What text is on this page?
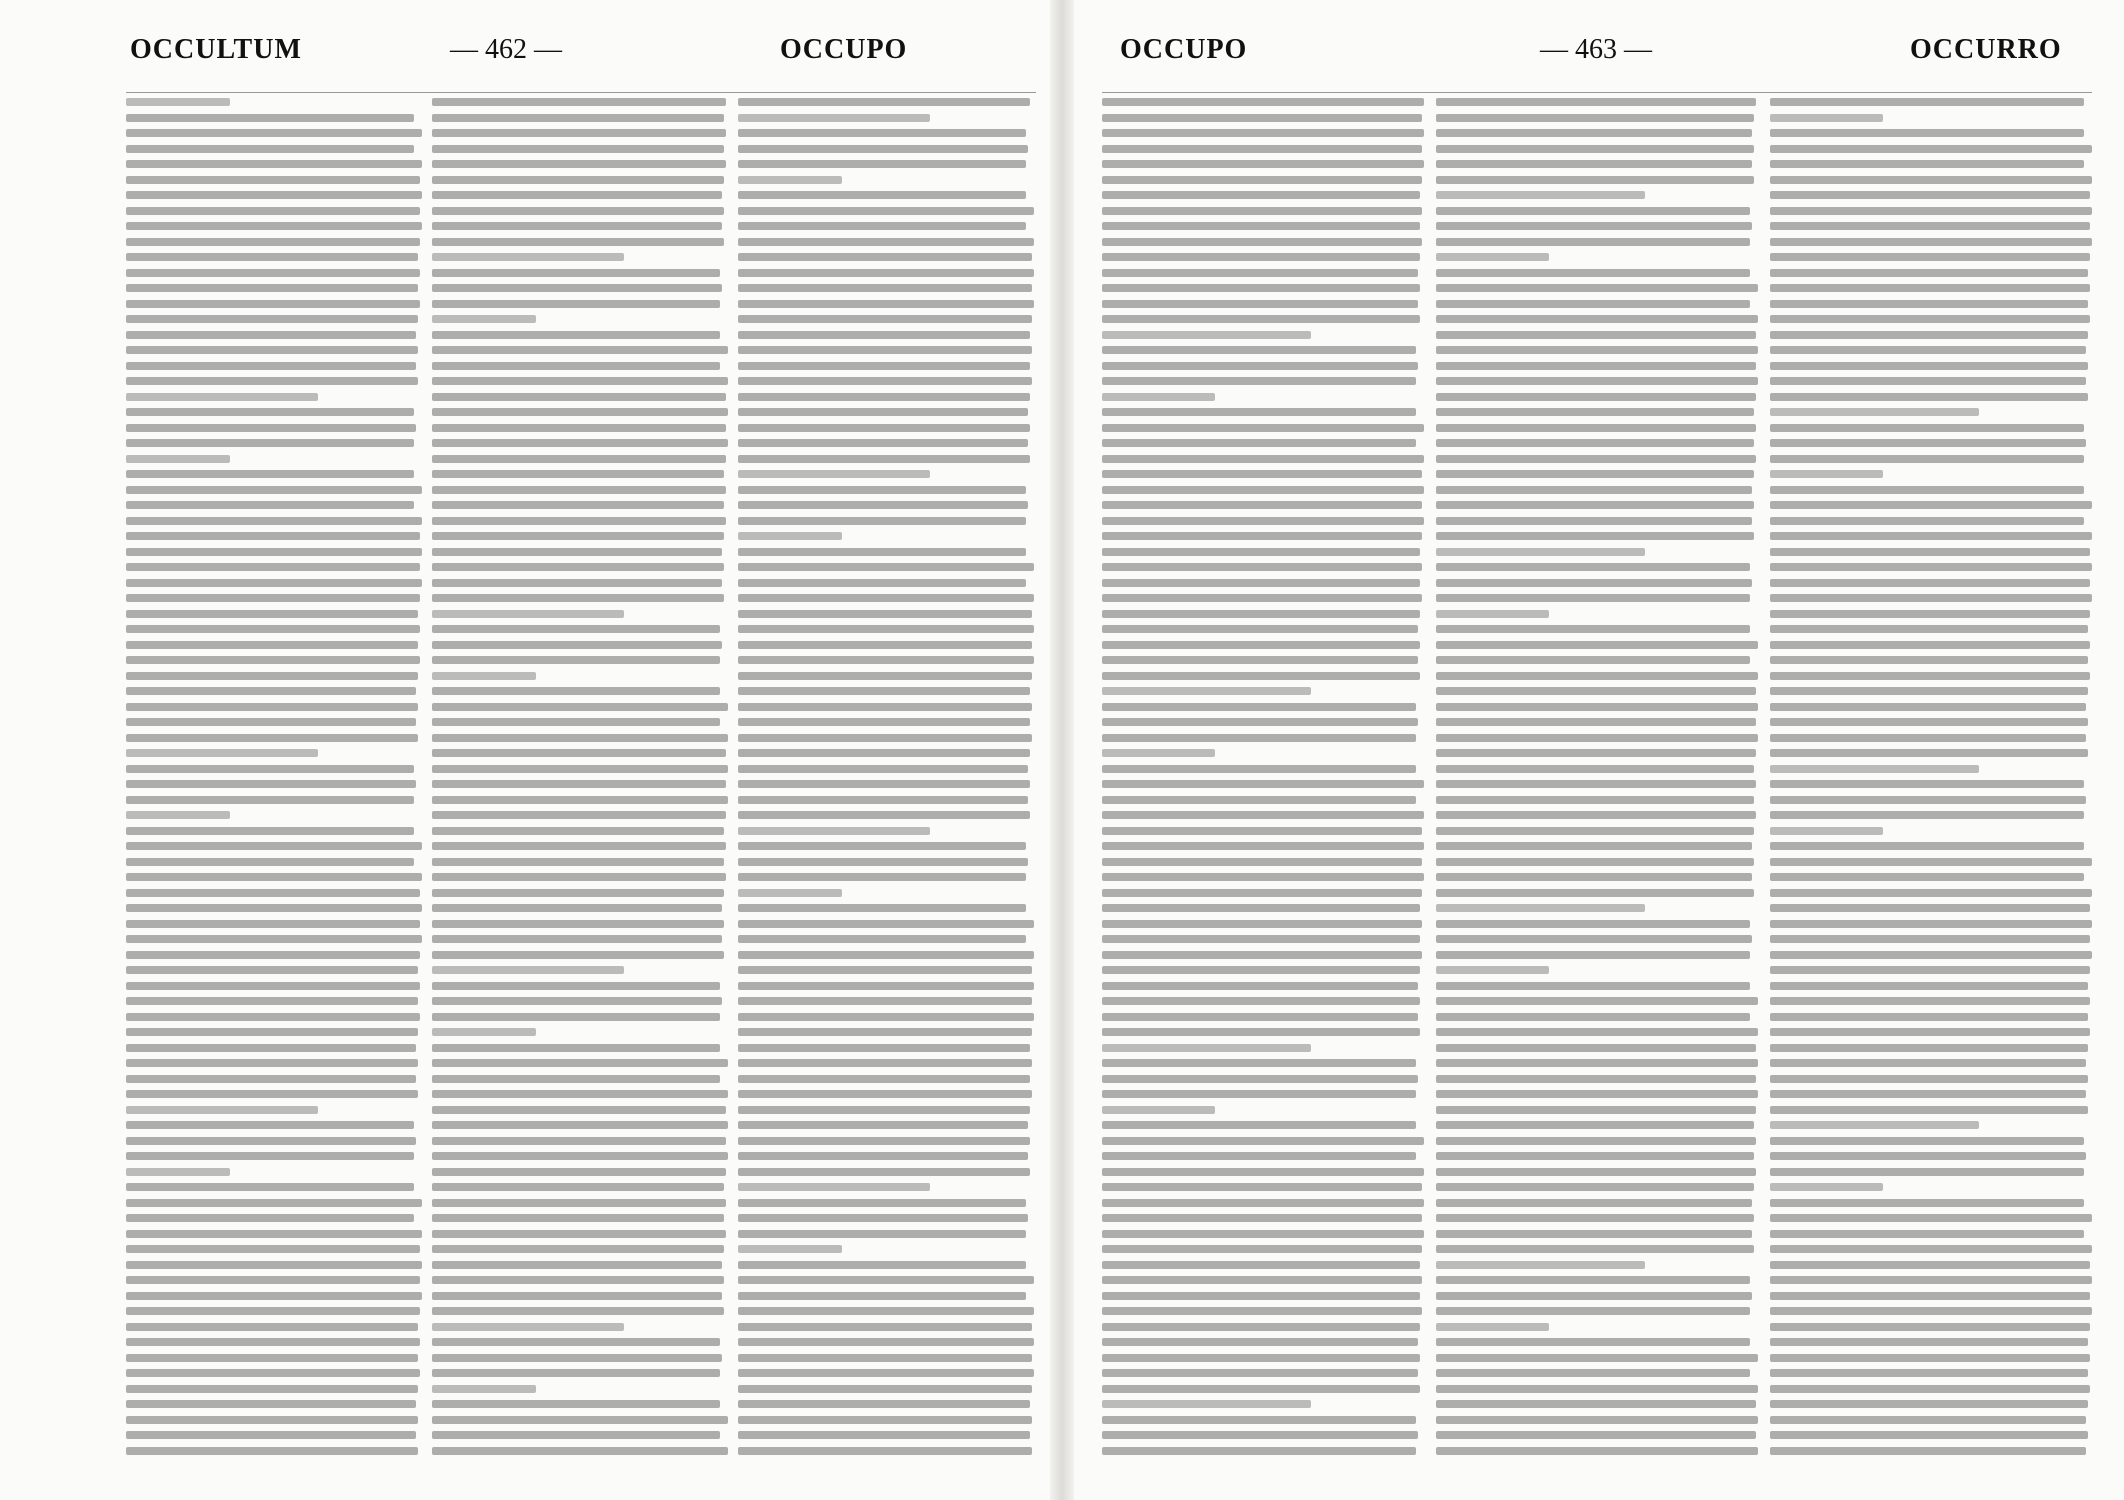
OCCULTUM	— 462 —	OCCUPO	OCCUPO	— 463 —	OCCURRO
